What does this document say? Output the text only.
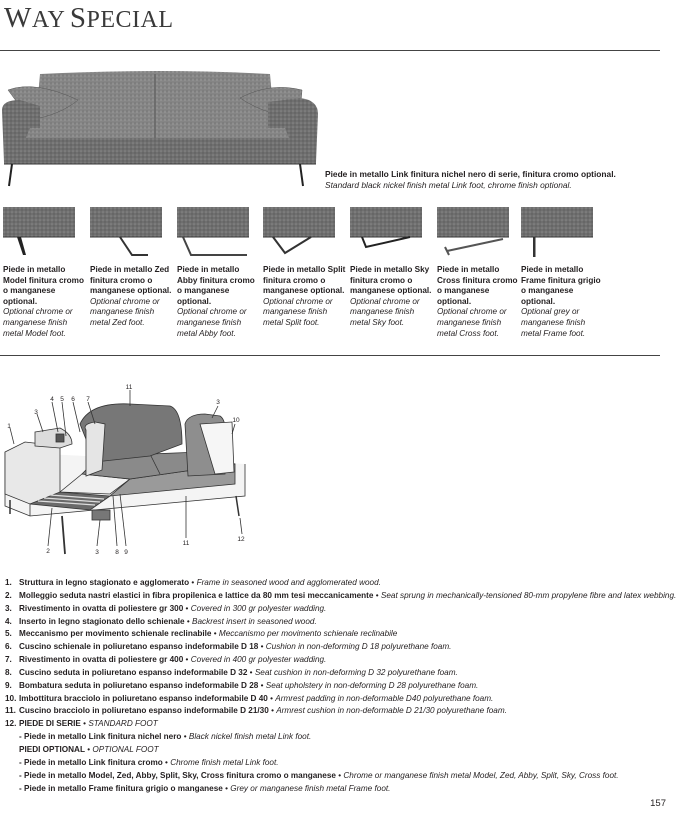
WAY SPECIAL
Piede in metallo Link finitura nichel nero di serie, finitura cromo optional.
Standard black nickel finish metal Link foot, chrome finish optional.
Piede in metallo Model finitura cromo o manganese optional.
Optional chrome or manganese finish metal Model foot.
Piede in metallo Zed finitura cromo o manganese optional.
Optional chrome or manganese finish metal Zed foot.
Piede in metallo Abby finitura cromo o manganese optional.
Optional chrome or manganese finish metal Abby foot.
Piede in metallo Split finitura cromo o manganese optional.
Optional chrome or manganese finish metal Split foot.
Piede in metallo Sky finitura cromo o manganese optional.
Optional chrome or manganese finish metal Sky foot.
Piede in metallo Cross finitura cromo o manganese optional.
Optional chrome or manganese finish metal Cross foot.
Piede in metallo Frame finitura grigio o manganese optional.
Optional grey or manganese finish metal Frame foot.
1
2
3
3
3
4 5 6 7
8 9
10
11
11
12
1. Struttura in legno stagionato e agglomerato • Frame in seasoned wood and agglomerated wood.
2. Molleggio seduta nastri elastici in fibra propilenica e lattice da 80 mm tesi meccanicamente • Seat sprung in mechanically-tensioned 80-mm propylene fibre and latex webbing.
3. Rivestimento in ovatta di poliestere gr 300 • Covered in 300 gr polyester wadding.
4. Inserto in legno stagionato dello schienale • Backrest insert in seasoned wood.
5. Meccanismo per movimento schienale reclinabile • Meccanismo per movimento schienale reclinabile
6. Cuscino schienale in poliuretano espanso indeformabile D 18 • Cushion in non-deforming D 18 polyurethane foam.
7. Rivestimento in ovatta di poliestere gr 400 • Covered in 400 gr polyester wadding.
8. Cuscino seduta in poliuretano espanso indeformabile D 32 • Seat cushion in non-deforming D 32 polyurethane foam.
9. Bombatura seduta in poliuretano espanso indeformabile D 28 • Seat upholstery in non-deforming D 28 polyurethane foam.
10. Imbottitura bracciolo in poliuretano espanso indeformabile D 40 • Armrest padding in non-deformable D40 polyurethane foam.
11. Cuscino bracciolo in poliuretano espanso indeformabile D 21/30 • Armrest cushion in non-deformable D 21/30 polyurethane foam.
12. PIEDE DI SERIE • STANDARD FOOT
- Piede in metallo Link finitura nichel nero • Black nickel finish metal Link foot.
PIEDI OPTIONAL • OPTIONAL FOOT
- Piede in metallo Link finitura cromo • Chrome finish metal Link foot.
- Piede in metallo Model, Zed, Abby, Split, Sky, Cross finitura cromo o manganese • Chrome or manganese finish metal Model, Zed, Abby, Split, Sky, Cross foot.
- Piede in metallo Frame finitura grigio o manganese • Grey or manganese finish metal Frame foot.
157
